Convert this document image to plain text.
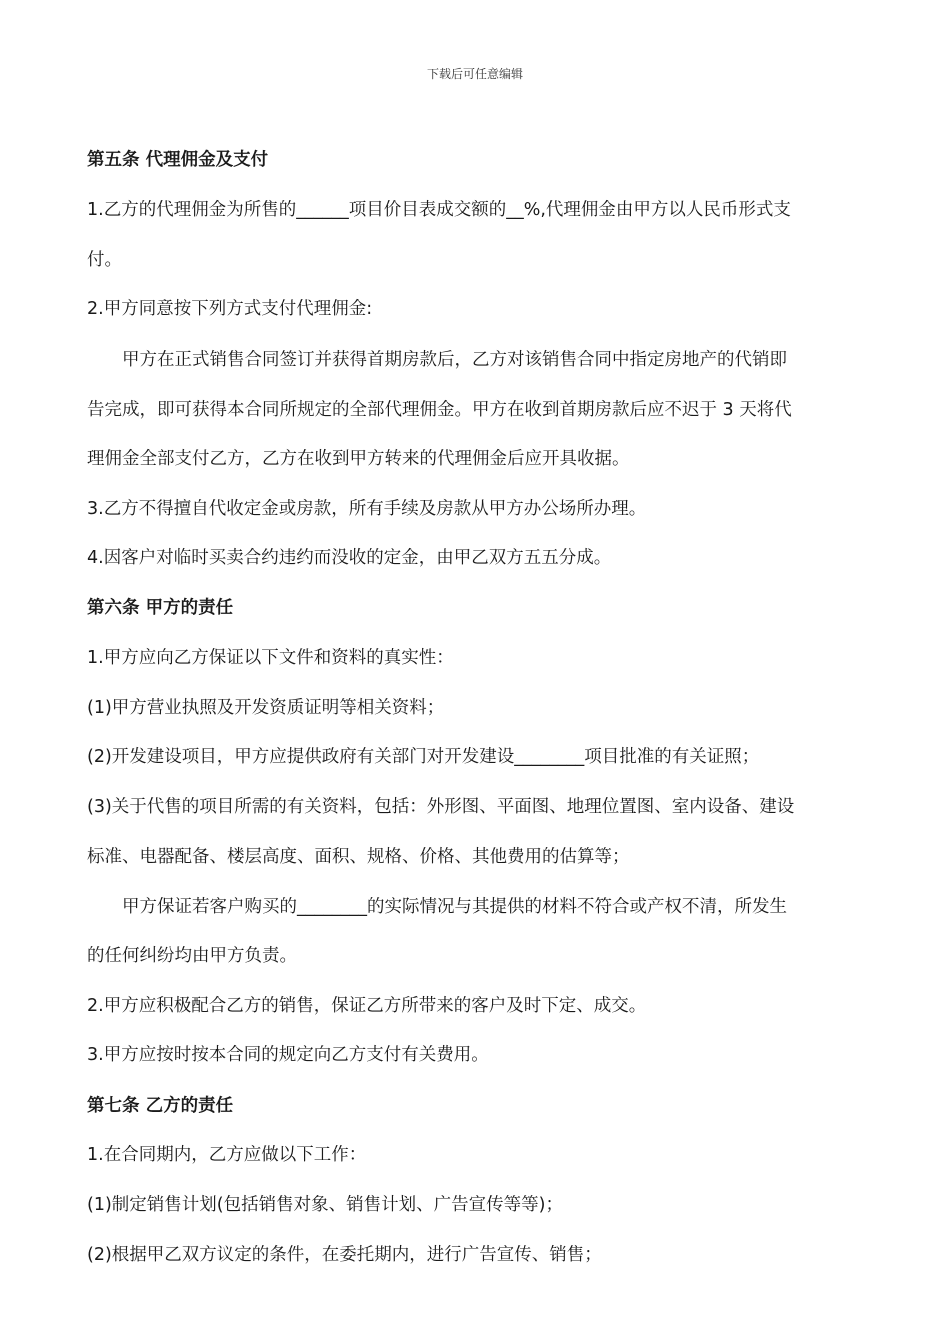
下载后可任意编辑
第五条 代理佣金及支付
1.乙方的代理佣金为所售的______项目价目表成交额的__%,代理佣金由甲方以人民币形式支
付。
2.甲方同意按下列方式支付代理佣金:
　　甲方在正式销售合同签订并获得首期房款后，乙方对该销售合同中指定房地产的代销即
告完成，即可获得本合同所规定的全部代理佣金。甲方在收到首期房款后应不迟于 3 天将代
理佣金全部支付乙方，乙方在收到甲方转来的代理佣金后应开具收据。
3.乙方不得擅自代收定金或房款，所有手续及房款从甲方办公场所办理。
4.因客户对临时买卖合约违约而没收的定金，由甲乙双方五五分成。
第六条 甲方的责任
1.甲方应向乙方保证以下文件和资料的真实性：
(1)甲方营业执照及开发资质证明等相关资料；
(2)开发建设项目，甲方应提供政府有关部门对开发建设________项目批准的有关证照；
(3)关于代售的项目所需的有关资料，包括：外形图、平面图、地理位置图、室内设备、建设
标准、电器配备、楼层高度、面积、规格、价格、其他费用的估算等；
　　甲方保证若客户购买的________的实际情况与其提供的材料不符合或产权不清，所发生
的任何纠纷均由甲方负责。
2.甲方应积极配合乙方的销售，保证乙方所带来的客户及时下定、成交。
3.甲方应按时按本合同的规定向乙方支付有关费用。
第七条 乙方的责任
1.在合同期内，乙方应做以下工作：
(1)制定销售计划(包括销售对象、销售计划、广告宣传等等)；
(2)根据甲乙双方议定的条件，在委托期内，进行广告宣传、销售；
